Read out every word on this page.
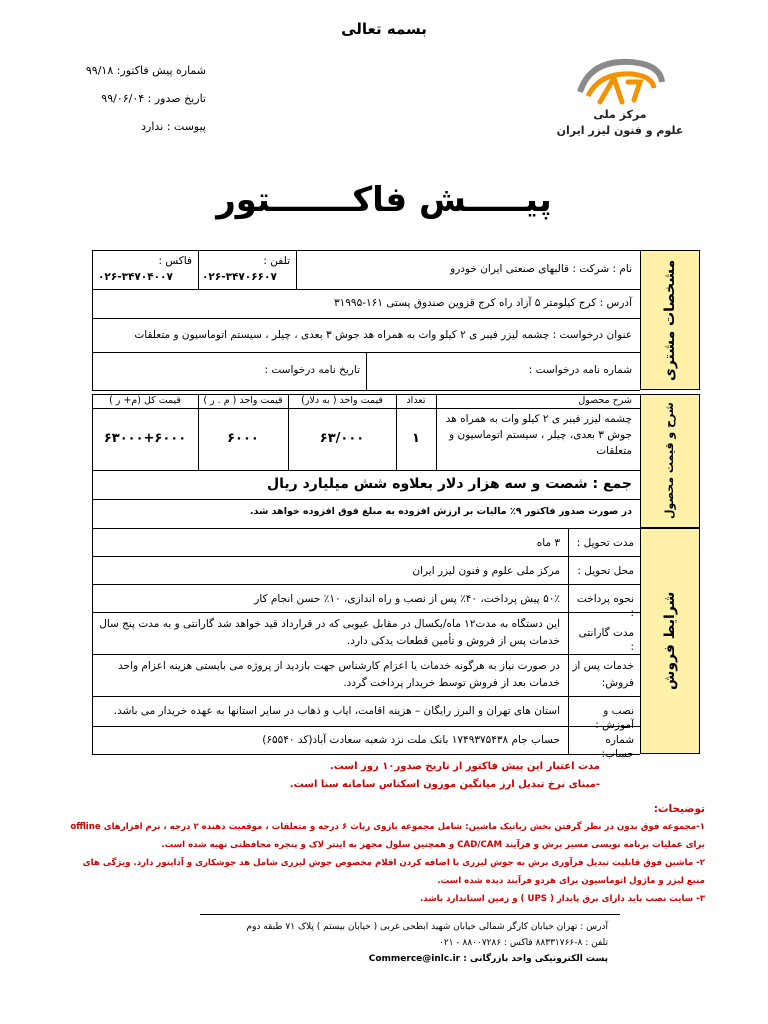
بسمه تعالی
شماره پیش فاکتور: ۹۹/۱۸
تاریخ صدور : ۹۹/۰۶/۰۴
پیوست : ندارد
مرکز ملی
علوم و فنون لیزر ایران
پیـــــش فاکـــــــتور
مشخصات مشتری
نام : شرکت : قالبهای صنعتی ایران خودرو
تلفن :
۰۲۶-۳۴۷۰۶۶۰۷
فاکس :
۰۲۶-۳۴۷۰۴۰۰۷
آدرس : کرج کیلومتر ۵ آزاد راه کرج قزوین صندوق پستی ۱۶۱-۳۱۹۹۵
عنوان درخواست : چشمه لیزر فیبر ی ۲ کیلو وات به همراه هد جوش ۳ بعدی ، چیلر ، سیستم اتوماسیون و متعلقات
شماره نامه درخواست :
تاریخ نامه درخواست :
شرح و قیمت محصول
شرح محصول
تعداد
قیمت واحد ( به دلار)
قیمت واحد ( م . ر )
قیمت کل (م+ ر )
چشمه لیزر فیبر ی ۲ کیلو وات به همراه هد جوش ۳ بعدی، چیلر ، سیستم اتوماسیون و متعلقات
۱
۶۳/۰۰۰
۶۰۰۰
۶۳۰۰۰+۶۰۰۰
جمع : شصت و سه هزار دلار بعلاوه شش میلیارد ریال
در صورت صدور فاکتور ۹٪ مالیات بر ارزش افزوده به مبلغ فوق افزوده خواهد شد.
شرایط فروش
مدت تحویل :
۳ ماه
محل تحویل :
مرکز ملی علوم و فنون لیزر ایران
نحوه پرداخت :
۵۰٪ پیش پرداخت، ۴۰٪ پس از نصب و راه اندازی، ۱۰٪ حسن انجام کار
مدت گارانتی :
این دستگاه به مدت۱۲ ماه/یکسال در مقابل عیوبی که در قرارداد قید خواهد شد گارانتی و به مدت پنج سال خدمات پس از فروش و تأمین قطعات یدکی دارد.
خدمات پس از فروش:
در صورت نیاز به هرگونه خدمات یا اعزام کارشناس جهت بازدید از پروژه می بایستی هزینه اعزام واحد خدمات بعد از فروش توسط خریدار پرداخت گردد.
نصب و آموزش :
استان های تهران و البرز رایگان – هزینه اقامت، ایاب و ذهاب در سایر استانها به عهده خریدار می باشد.
شماره حساب:
حساب جام ۱۷۴۹۳۷۵۴۳۸ بانک ملت نزد شعبه سعادت آباد(کد ۶۵۵۴۰)
مدت اعتبار این پیش فاکتور از تاریخ صدور۱۰ روز است.
-مبنای نرخ تبدیل ارز میانگین موزون اسکناس سامانه سنا است.
توضیحات:
۱-مجموعه فوق بدون در نظر گرفتن بخش رباتیک ماشین: شامل مجموعه بازوی رباث ۶ درجه و متعلقات ، موقعیت دهنده ۲ درجه ، نرم افزارهای offline
برای عملیات برنامه نویسی مسیر برش و فرآیند CAD/CAM و همچنین سلول مجهز به اینتر لاک و پنجره محافظتی تهیه شده است.
۲- ماشین فوق قابلیت تبدیل فرآوری برش به جوش لیزری با اضافه کردن اقلام مخصوص جوش لیزری شامل هد جوشکاری و آداپتور دارد. ویژگی های
منبع لیزر و ماژول اتوماسیون برای هردو فرآیند دیده شده است.
۳- سایت نصب باید دارای برق پایدار ( UPS ) و زمین استاندارد باشد.
آدرس : تهران خیابان کارگر شمالی خیابان شهید ابطحی غربی ( خیابان بیستم ) پلاک ۷۱ طبقه دوم
تلفن : ۸-۸۸۳۳۱۷۶۶ فاکس : ۸۸۰۰۷۲۸۶ - ۰۲۱
پست الکترونیکی واحد بازرگانی : Commerce@inlc.ir
